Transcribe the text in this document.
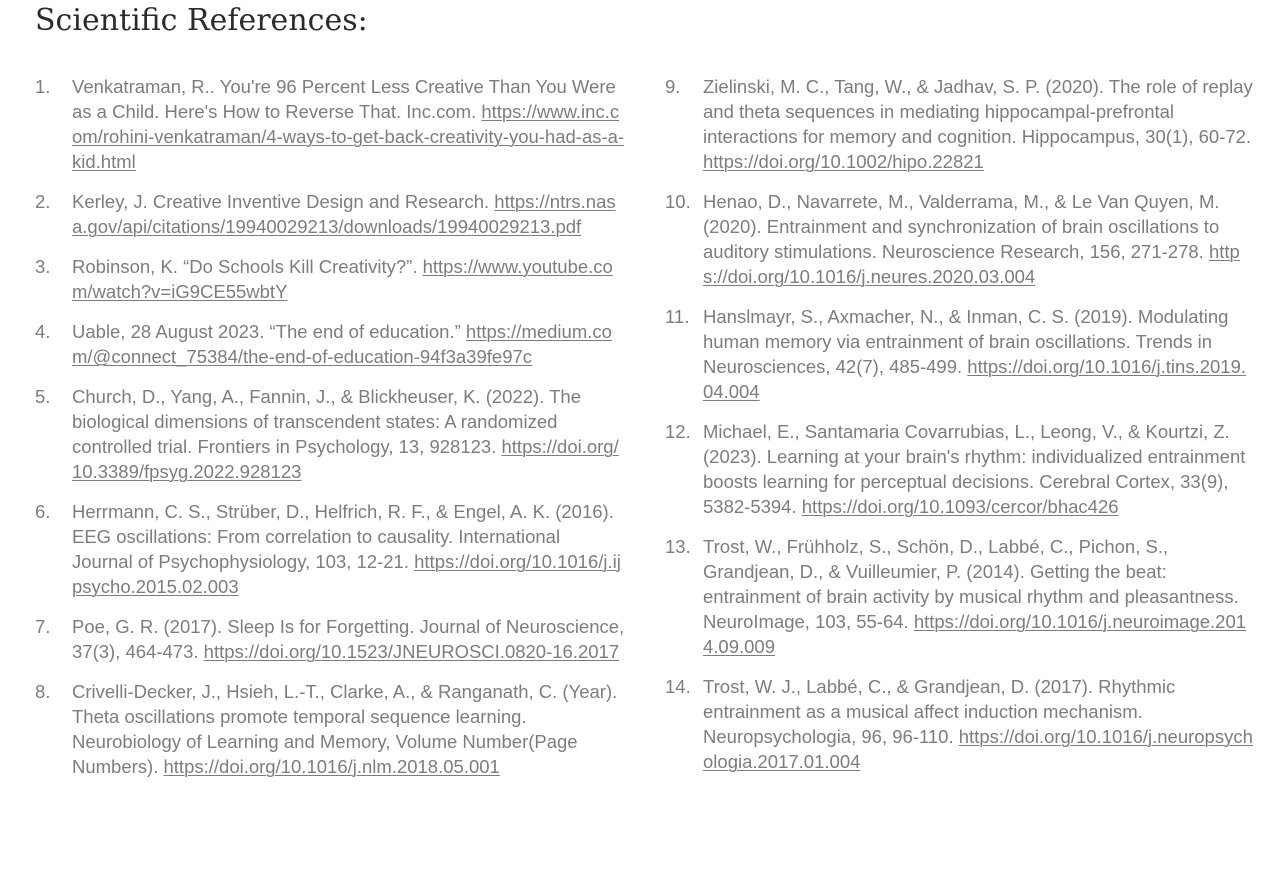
Scientific References:
1. Venkatraman, R.. You're 96 Percent Less Creative Than You Were as a Child. Here's How to Reverse That. Inc.com. https://www.inc.com/rohini-venkatraman/4-ways-to-get-back-creativity-you-had-as-a-kid.html
2. Kerley, J. Creative Inventive Design and Research. https://ntrs.nasa.gov/api/citations/19940029213/downloads/19940029213.pdf
3. Robinson, K. “Do Schools Kill Creativity?”. https://www.youtube.com/watch?v=iG9CE55wbtY
4. Uable, 28 August 2023. “The end of education.” https://medium.com/@connect_75384/the-end-of-education-94f3a39fe97c
5. Church, D., Yang, A., Fannin, J., & Blickheuser, K. (2022). The biological dimensions of transcendent states: A randomized controlled trial. Frontiers in Psychology, 13, 928123. https://doi.org/10.3389/fpsyg.2022.928123
6. Herrmann, C. S., Strüber, D., Helfrich, R. F., & Engel, A. K. (2016). EEG oscillations: From correlation to causality. International Journal of Psychophysiology, 103, 12-21. https://doi.org/10.1016/j.ijpsycho.2015.02.003
7. Poe, G. R. (2017). Sleep Is for Forgetting. Journal of Neuroscience, 37(3), 464-473. https://doi.org/10.1523/JNEUROSCI.0820-16.2017
8. Crivelli-Decker, J., Hsieh, L.-T., Clarke, A., & Ranganath, C. (Year). Theta oscillations promote temporal sequence learning. Neurobiology of Learning and Memory, Volume Number(Page Numbers). https://doi.org/10.1016/j.nlm.2018.05.001
9. Zielinski, M. C., Tang, W., & Jadhav, S. P. (2020). The role of replay and theta sequences in mediating hippocampal-prefrontal interactions for memory and cognition. Hippocampus, 30(1), 60-72. https://doi.org/10.1002/hipo.22821
10. Henao, D., Navarrete, M., Valderrama, M., & Le Van Quyen, M. (2020). Entrainment and synchronization of brain oscillations to auditory stimulations. Neuroscience Research, 156, 271-278. https://doi.org/10.1016/j.neures.2020.03.004
11. Hanslmayr, S., Axmacher, N., & Inman, C. S. (2019). Modulating human memory via entrainment of brain oscillations. Trends in Neurosciences, 42(7), 485-499. https://doi.org/10.1016/j.tins.2019.04.004
12. Michael, E., Santamaria Covarrubias, L., Leong, V., & Kourtzi, Z. (2023). Learning at your brain's rhythm: individualized entrainment boosts learning for perceptual decisions. Cerebral Cortex, 33(9), 5382-5394. https://doi.org/10.1093/cercor/bhac426
13. Trost, W., Frühholz, S., Schön, D., Labbé, C., Pichon, S., Grandjean, D., & Vuilleumier, P. (2014). Getting the beat: entrainment of brain activity by musical rhythm and pleasantness. NeuroImage, 103, 55-64. https://doi.org/10.1016/j.neuroimage.2014.09.009
14. Trost, W. J., Labbé, C., & Grandjean, D. (2017). Rhythmic entrainment as a musical affect induction mechanism. Neuropsychologia, 96, 96-110. https://doi.org/10.1016/j.neuropsychologia.2017.01.004
